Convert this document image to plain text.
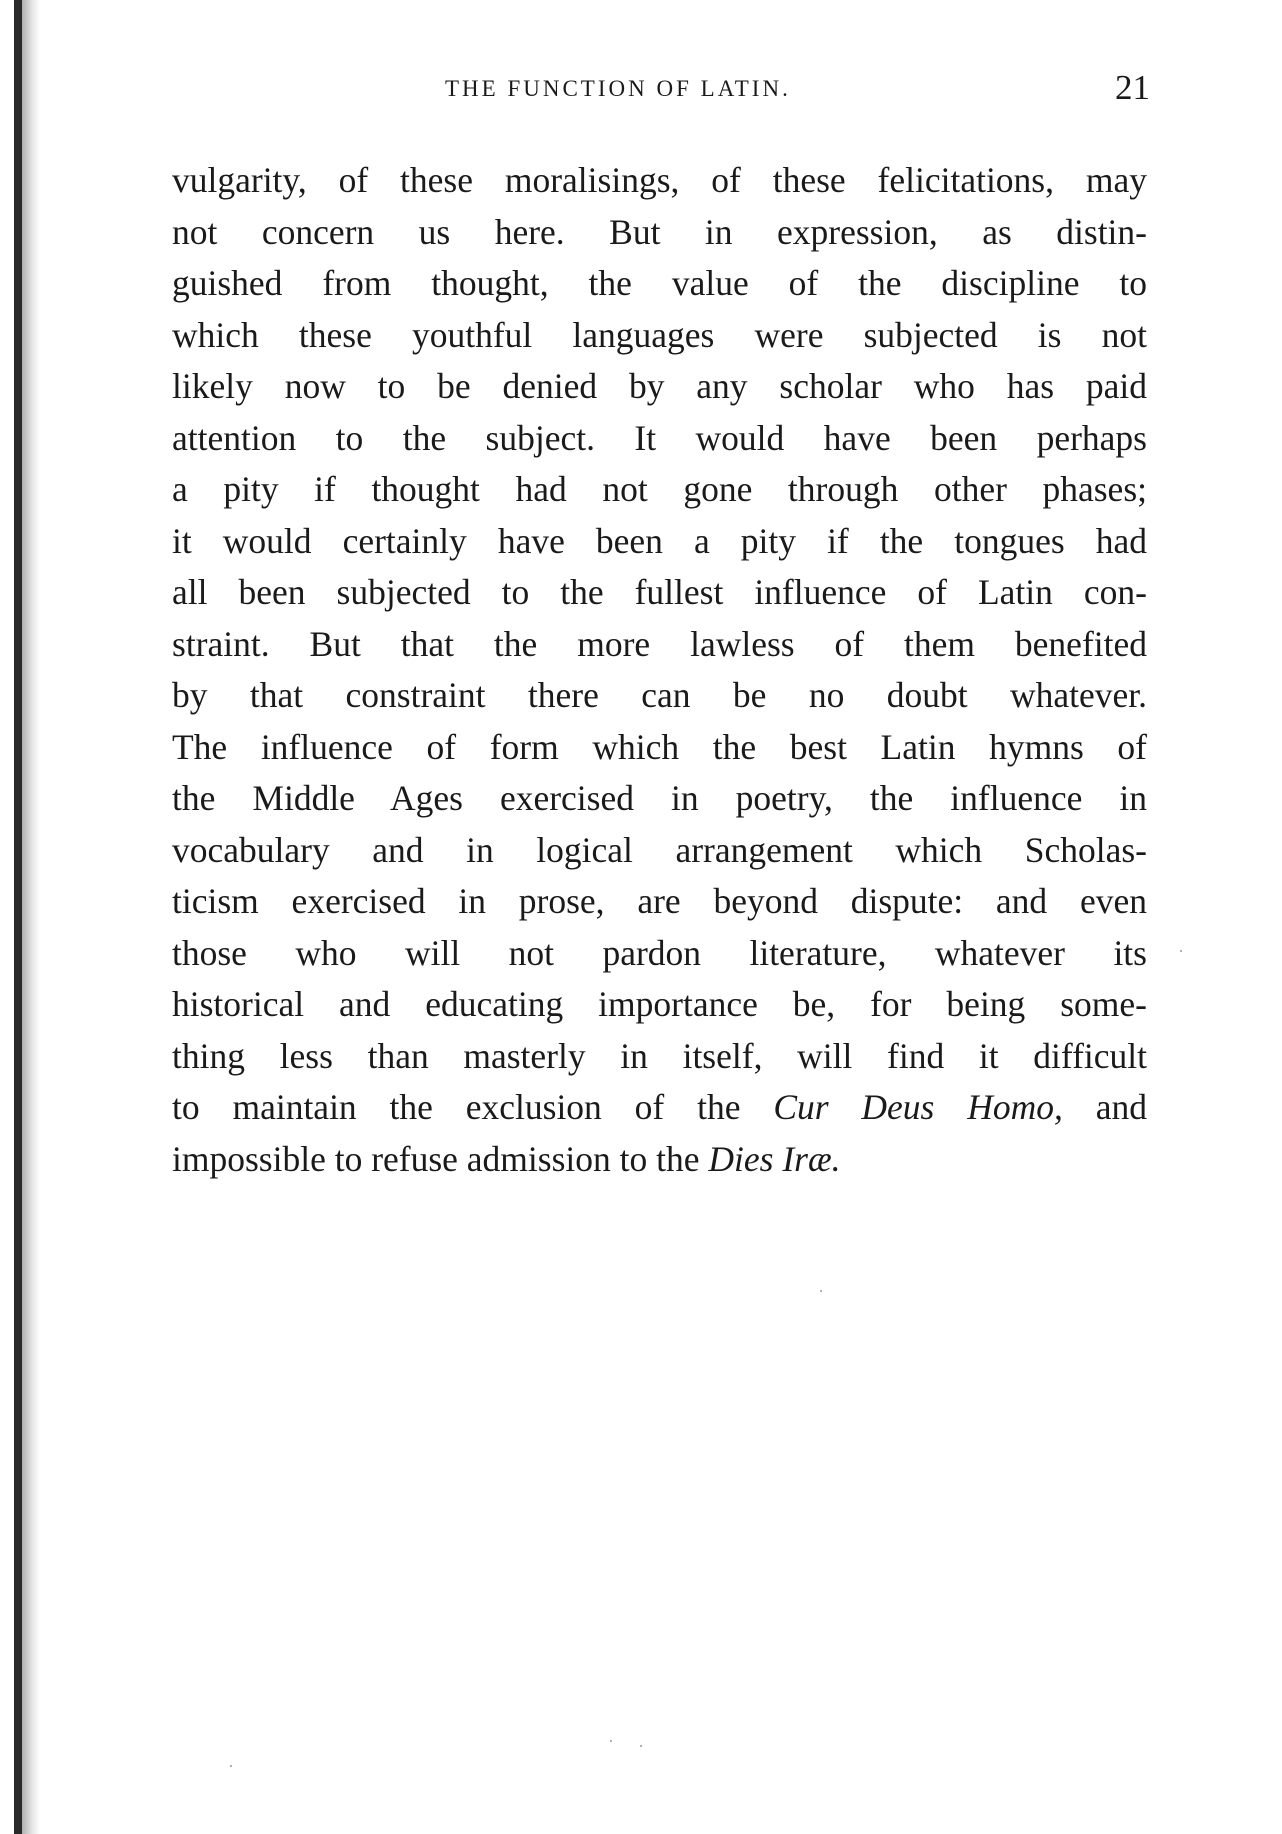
THE FUNCTION OF LATIN.	21
vulgarity, of these moralisings, of these felicitations, may
not concern us here. But in expression, as distin-
guished from thought, the value of the discipline to
which these youthful languages were subjected is not
likely now to be denied by any scholar who has paid
attention to the subject. It would have been perhaps
a pity if thought had not gone through other phases;
it would certainly have been a pity if the tongues had
all been subjected to the fullest influence of Latin con-
straint. But that the more lawless of them benefited
by that constraint there can be no doubt whatever.
The influence of form which the best Latin hymns of
the Middle Ages exercised in poetry, the influence in
vocabulary and in logical arrangement which Scholas-
ticism exercised in prose, are beyond dispute: and even
those who will not pardon literature, whatever its
historical and educating importance be, for being some-
thing less than masterly in itself, will find it difficult
to maintain the exclusion of the Cur Deus Homo, and
impossible to refuse admission to the Dies Iræ.
